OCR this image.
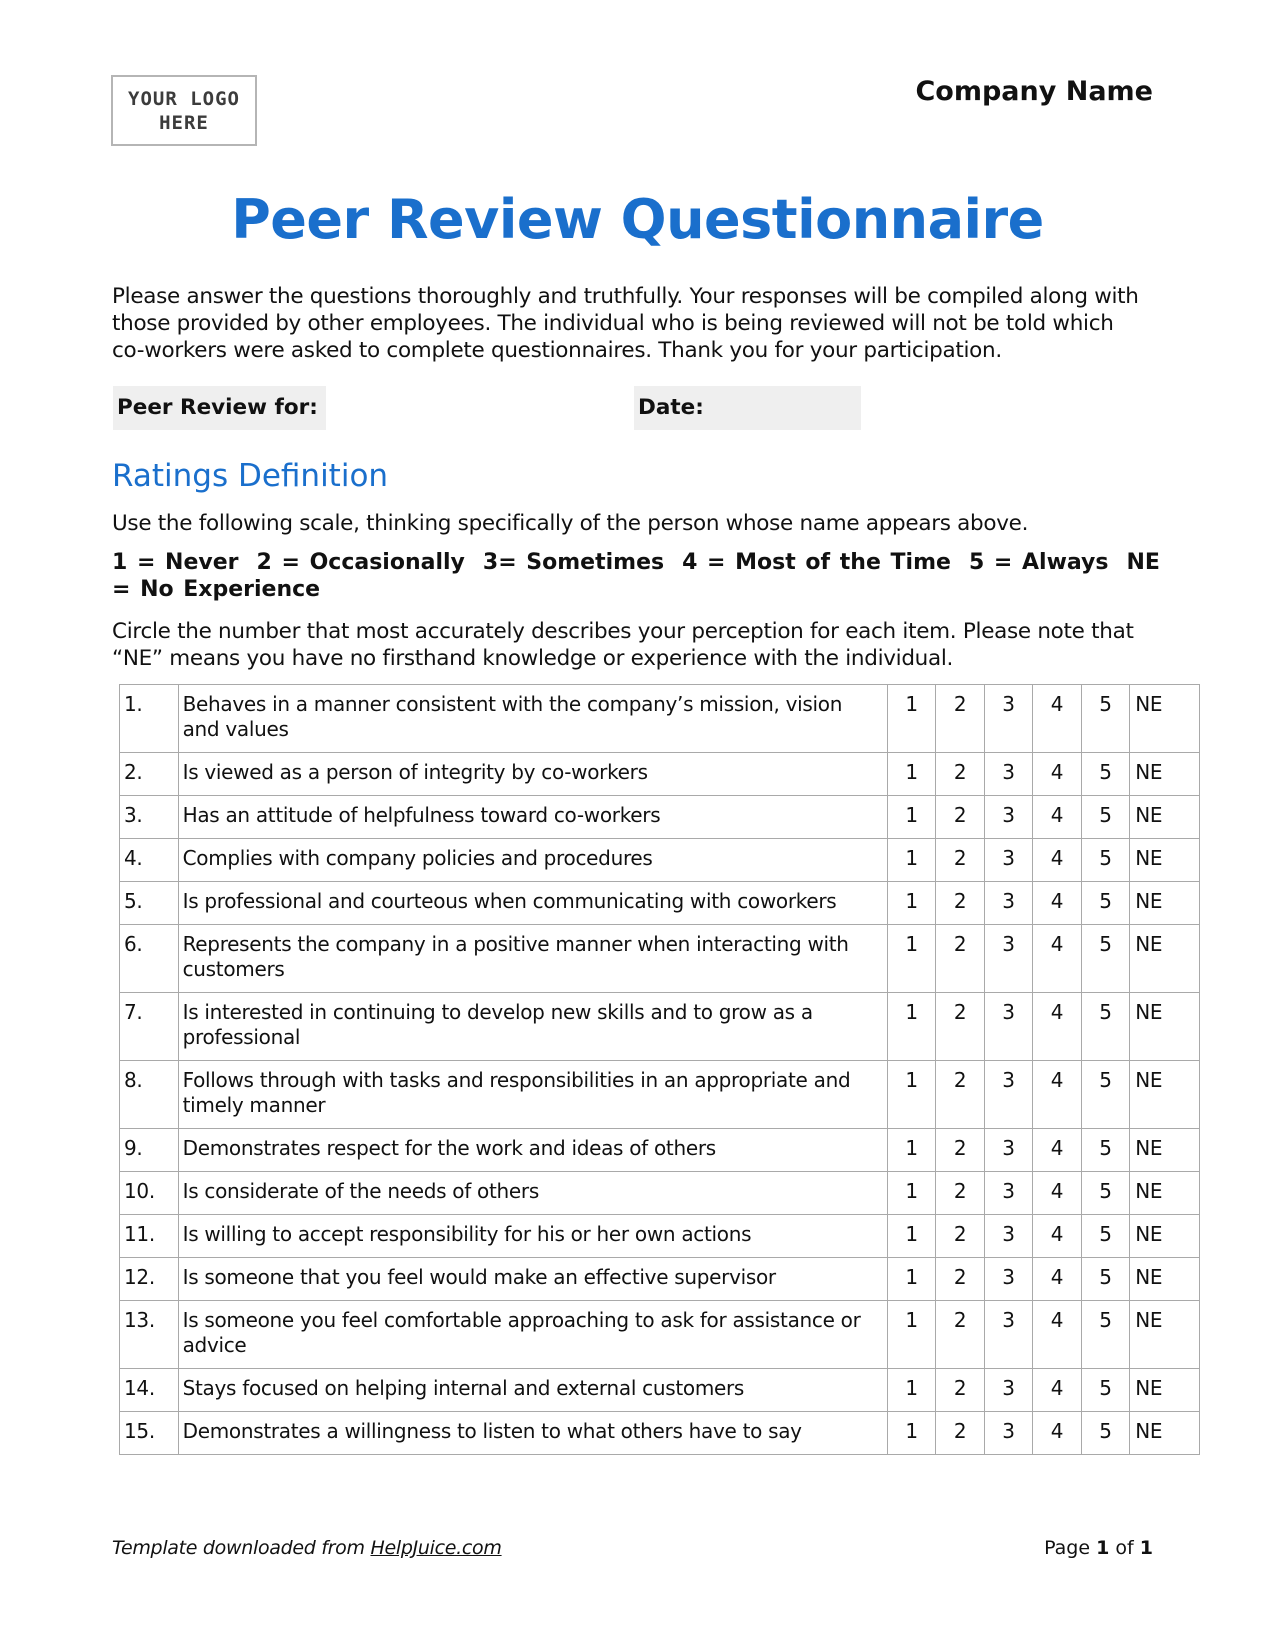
YOUR LOGO
HERE
Company Name
Peer Review Questionnaire
Please answer the questions thoroughly and truthfully. Your responses will be compiled along with those provided by other employees. The individual who is being reviewed will not be told which co-workers were asked to complete questionnaires. Thank you for your participation.
Peer Review for:	Date:
Ratings Definition
Use the following scale, thinking specifically of the person whose name appears above.
1 = Never 2 = Occasionally 3= Sometimes 4 = Most of the Time 5 = Always NE = No Experience
Circle the number that most accurately describes your perception for each item. Please note that “NE” means you have no firsthand knowledge or experience with the individual.
1.	Behaves in a manner consistent with the company’s mission, vision and values	1	2	3	4	5	NE
2.	Is viewed as a person of integrity by co-workers	1	2	3	4	5	NE
3.	Has an attitude of helpfulness toward co-workers	1	2	3	4	5	NE
4.	Complies with company policies and procedures	1	2	3	4	5	NE
5.	Is professional and courteous when communicating with coworkers	1	2	3	4	5	NE
6.	Represents the company in a positive manner when interacting with customers	1	2	3	4	5	NE
7.	Is interested in continuing to develop new skills and to grow as a professional	1	2	3	4	5	NE
8.	Follows through with tasks and responsibilities in an appropriate and timely manner	1	2	3	4	5	NE
9.	Demonstrates respect for the work and ideas of others	1	2	3	4	5	NE
10.	Is considerate of the needs of others	1	2	3	4	5	NE
11.	Is willing to accept responsibility for his or her own actions	1	2	3	4	5	NE
12.	Is someone that you feel would make an effective supervisor	1	2	3	4	5	NE
13.	Is someone you feel comfortable approaching to ask for assistance or advice	1	2	3	4	5	NE
14.	Stays focused on helping internal and external customers	1	2	3	4	5	NE
15.	Demonstrates a willingness to listen to what others have to say	1	2	3	4	5	NE
Template downloaded from HelpJuice.com	Page 1 of 1
